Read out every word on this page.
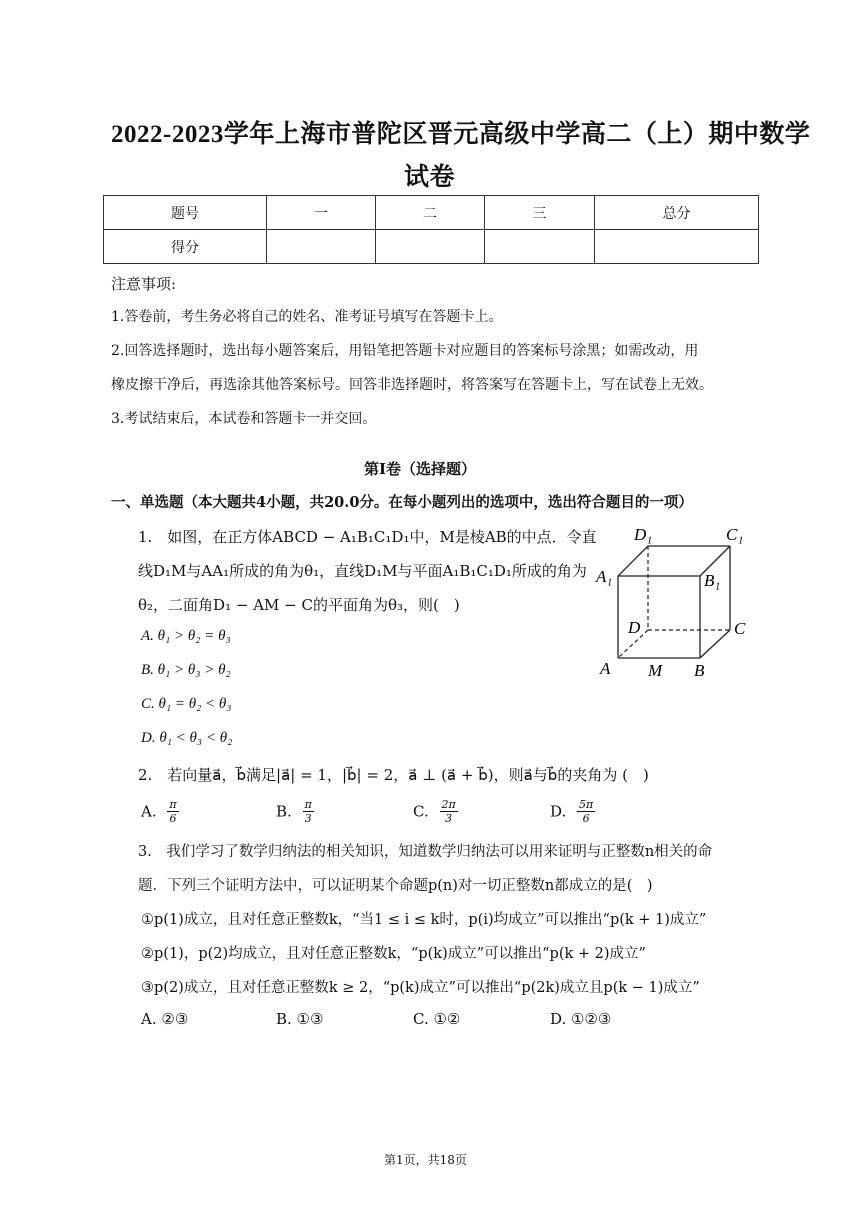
2022-2023学年上海市普陀区晋元高级中学高二（上）期中数学
试卷
题号	一	二	三	总分
得分				
注意事项:
1.答卷前，考生务必将自己的姓名、准考证号填写在答题卡上。
2.回答选择题时，选出每小题答案后，用铅笔把答题卡对应题目的答案标号涂黑；如需改动，用
橡皮擦干净后，再选涂其他答案标号。回答非选择题时，将答案写在答题卡上，写在试卷上无效。
3.考试结束后，本试卷和答题卡一并交回。
第I卷（选择题）
一、单选题（本大题共4小题，共20.0分。在每小题列出的选项中，选出符合题目的一项）
1.　如图，在正方体ABCD − A₁B₁C₁D₁中，M是棱AB的中点．令直
线D₁M与AA₁所成的角为θ₁，直线D₁M与平面A₁B₁C₁D₁所成的角为
θ₂，二面角D₁ − AM − C的平面角为θ₃，则(　)
A. θ₁ > θ₂ = θ₃
B. θ₁ > θ₃ > θ₂
C. θ₁ = θ₂ < θ₃
D. θ₁ < θ₃ < θ₂
D₁	C₁
A₁	B₁
D	C
A M B
2.　若向量a⃗，b⃗满足|a⃗| = 1，|b⃗| = 2，a⃗ ⊥ (a⃗ + b⃗)，则a⃗与b⃗的夹角为 (　)
A. $\frac{\pi}{6}$	B. $\frac{\pi}{3}$	C. $\frac{2\pi}{3}$	D. $\frac{5\pi}{6}$
3.　我们学习了数学归纳法的相关知识，知道数学归纳法可以用来证明与正整数n相关的命
题．下列三个证明方法中，可以证明某个命题p(n)对一切正整数n都成立的是(　)
①p(1)成立，且对任意正整数k，“当1 ≤ i ≤ k时，p(i)均成立”可以推出“p(k + 1)成立”
②p(1)，p(2)均成立，且对任意正整数k，“p(k)成立”可以推出“p(k + 2)成立”
③p(2)成立，且对任意正整数k ≥ 2，“p(k)成立”可以推出“p(2k)成立且p(k − 1)成立”
A. ②③	B. ①③	C. ①②	D. ①②③
第1页，共18页
